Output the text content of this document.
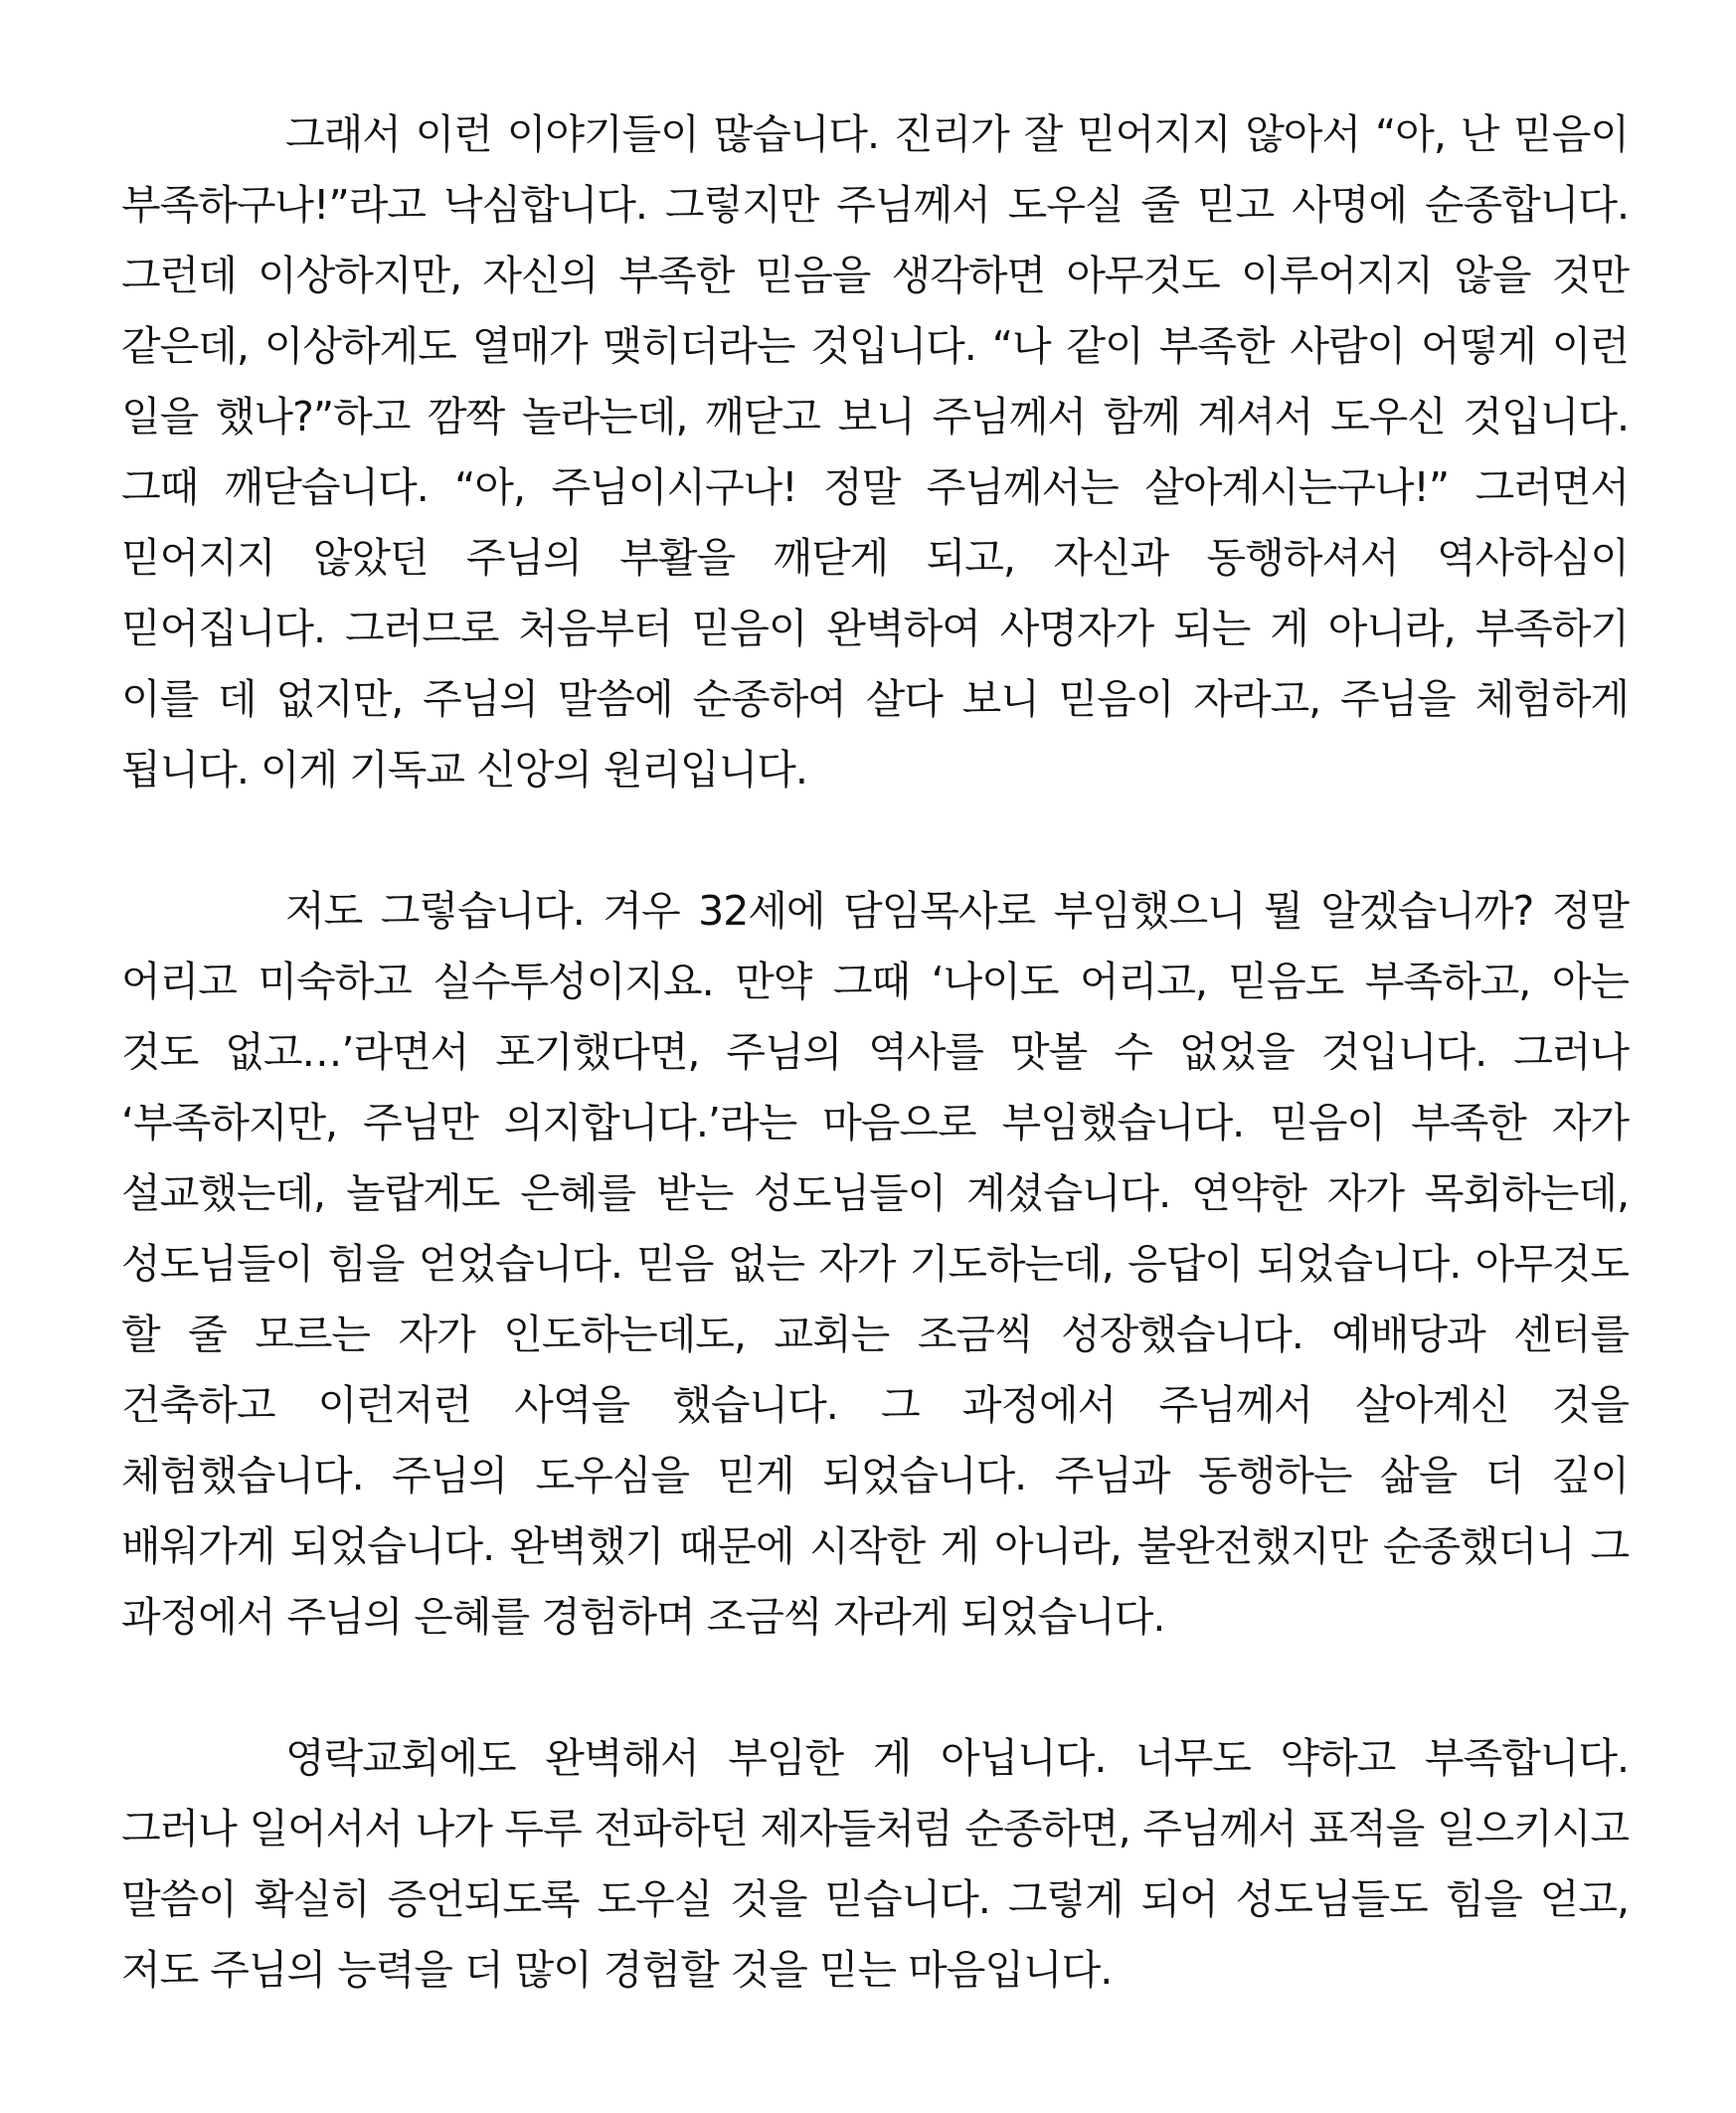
그래서 이런 이야기들이 많습니다. 진리가 잘 믿어지지 않아서 “아, 난 믿음이 부족하구나!”라고 낙심합니다. 그렇지만 주님께서 도우실 줄 믿고 사명에 순종합니다. 그런데 이상하지만, 자신의 부족한 믿음을 생각하면 아무것도 이루어지지 않을 것만 같은데, 이상하게도 열매가 맺히더라는 것입니다. “나 같이 부족한 사람이 어떻게 이런 일을 했나?”하고 깜짝 놀라는데, 깨닫고 보니 주님께서 함께 계셔서 도우신 것입니다. 그때 깨닫습니다. “아, 주님이시구나! 정말 주님께서는 살아계시는구나!” 그러면서 믿어지지 않았던 주님의 부활을 깨닫게 되고, 자신과 동행하셔서 역사하심이 믿어집니다. 그러므로 처음부터 믿음이 완벽하여 사명자가 되는 게 아니라, 부족하기 이를 데 없지만, 주님의 말씀에 순종하여 살다 보니 믿음이 자라고, 주님을 체험하게 됩니다. 이게 기독교 신앙의 원리입니다.

저도 그렇습니다. 겨우 32세에 담임목사로 부임했으니 뭘 알겠습니까? 정말 어리고 미숙하고 실수투성이지요. 만약 그때 ‘나이도 어리고, 믿음도 부족하고, 아는 것도 없고…’라면서 포기했다면, 주님의 역사를 맛볼 수 없었을 것입니다. 그러나 ‘부족하지만, 주님만 의지합니다.’라는 마음으로 부임했습니다. 믿음이 부족한 자가 설교했는데, 놀랍게도 은혜를 받는 성도님들이 계셨습니다. 연약한 자가 목회하는데, 성도님들이 힘을 얻었습니다. 믿음 없는 자가 기도하는데, 응답이 되었습니다. 아무것도 할 줄 모르는 자가 인도하는데도, 교회는 조금씩 성장했습니다. 예배당과 센터를 건축하고 이런저런 사역을 했습니다. 그 과정에서 주님께서 살아계신 것을 체험했습니다. 주님의 도우심을 믿게 되었습니다. 주님과 동행하는 삶을 더 깊이 배워가게 되었습니다. 완벽했기 때문에 시작한 게 아니라, 불완전했지만 순종했더니 그 과정에서 주님의 은혜를 경험하며 조금씩 자라게 되었습니다.

영락교회에도 완벽해서 부임한 게 아닙니다. 너무도 약하고 부족합니다. 그러나 일어서서 나가 두루 전파하던 제자들처럼 순종하면, 주님께서 표적을 일으키시고 말씀이 확실히 증언되도록 도우실 것을 믿습니다. 그렇게 되어 성도님들도 힘을 얻고, 저도 주님의 능력을 더 많이 경험할 것을 믿는 마음입니다.
